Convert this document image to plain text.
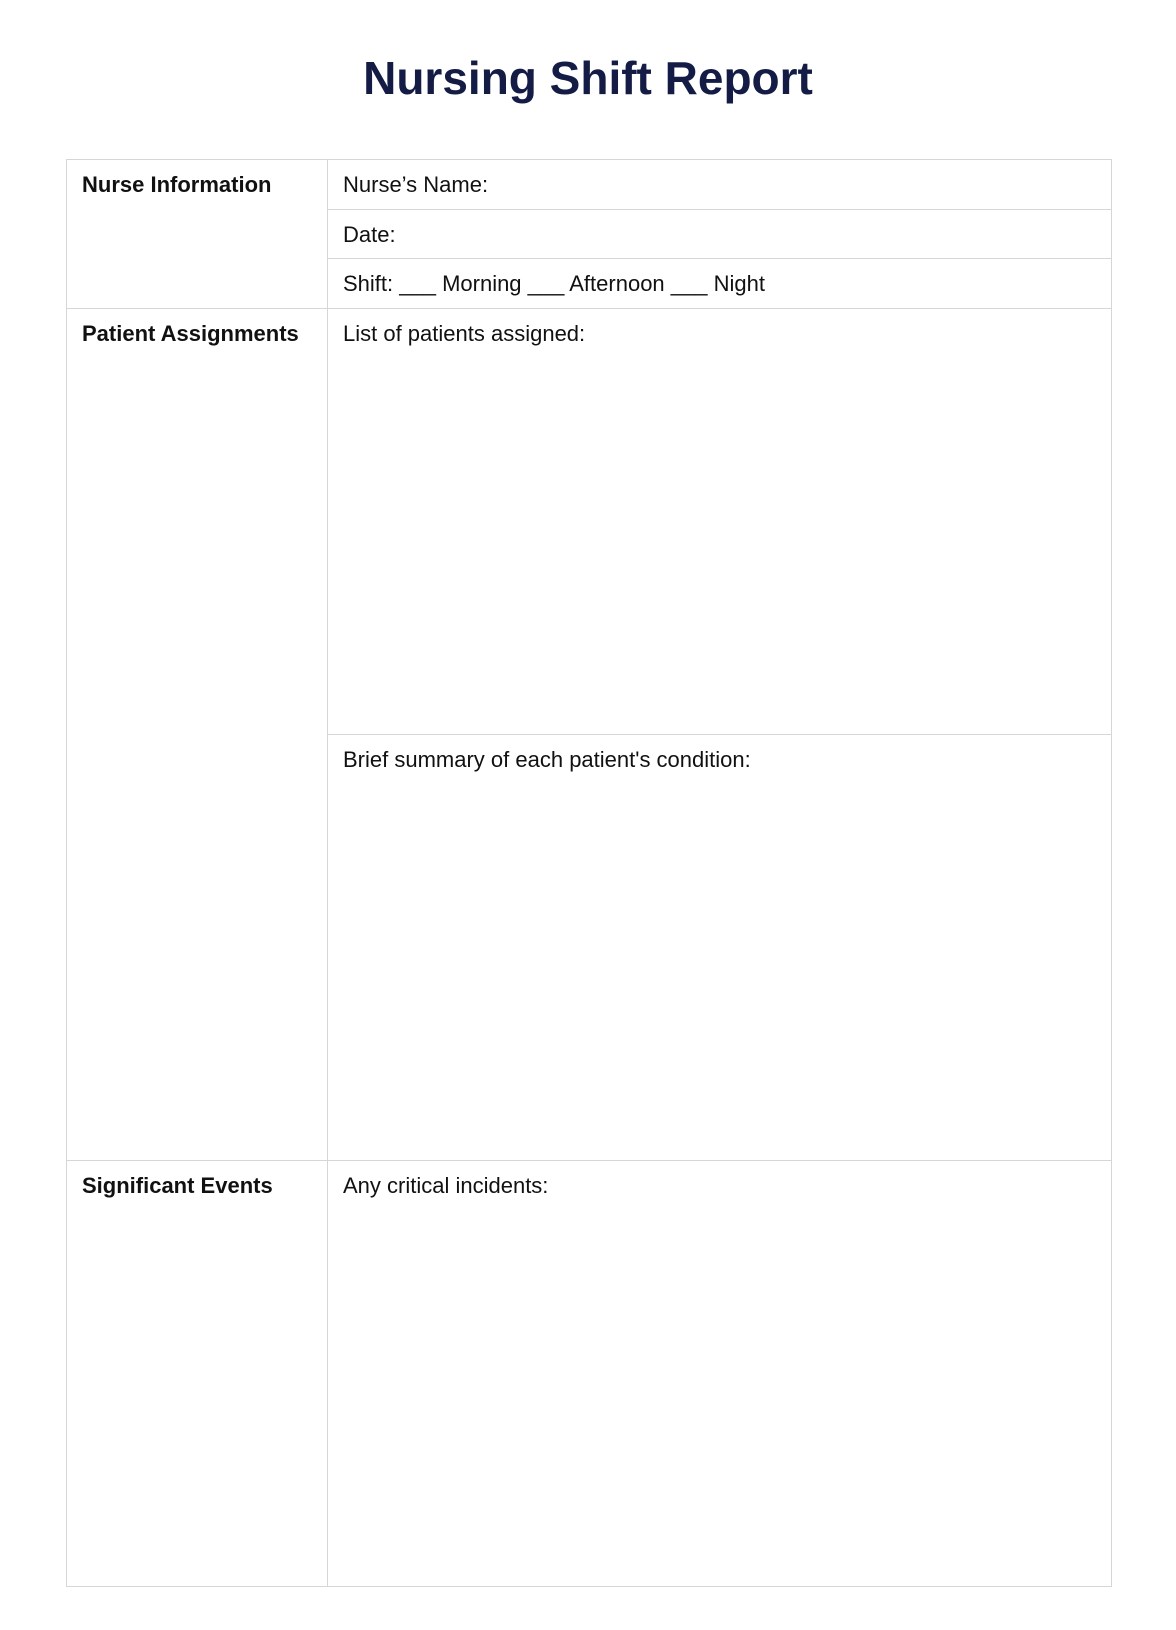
Nursing Shift Report
Nurse Information	Nurse’s Name:
	Date:
	Shift: ___ Morning ___ Afternoon ___ Night
Patient Assignments	List of patients assigned:
	Brief summary of each patient's condition:
Significant Events	Any critical incidents:
